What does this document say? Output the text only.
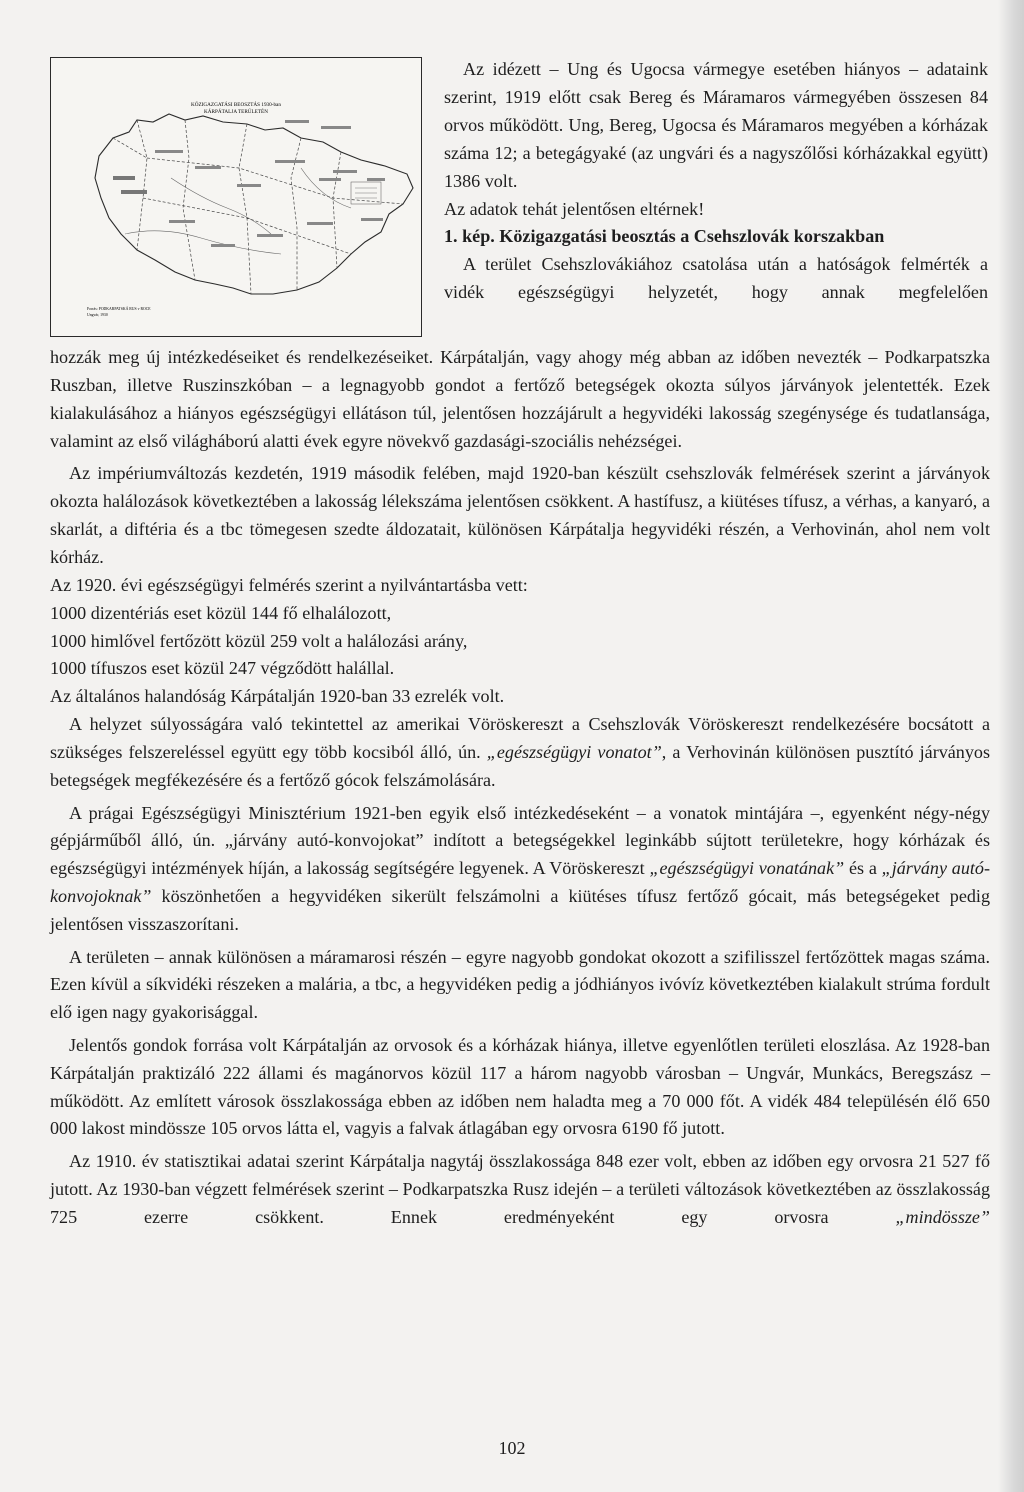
KÖZIGAZGATÁSI BEOSZTÁS 1930-ban
KÁRPÁTALJA TERÜLETÉN
Forrás: PODKARPATSKÁ RUS v ROCE
Ungvár, 1930

Az idézett – Ung és Ugocsa vármegye esetében hiányos – adataink szerint, 1919 előtt csak Bereg és Máramaros vármegyében összesen 84 orvos működött. Ung, Bereg, Ugocsa és Máramaros megyében a kórházak száma 12; a betegágyaké (az ungvári és a nagyszőlősi kórházakkal együtt) 1386 volt.

Az adatok tehát jelentősen eltérnek!

1. kép. Közigazgatási beosztás a Csehszlovák korszakban

A terület Csehszlovákiához csatolása után a hatóságok felmérték a vidék egészségügyi helyzetét, hogy annak megfelelően

hozzák meg új intézkedéseiket és rendelkezéseiket. Kárpátalján, vagy ahogy még abban az időben nevezték – Podkarpatszka Ruszban, illetve Ruszinszkóban – a legnagyobb gondot a fertőző betegségek okozta súlyos járványok jelentették. Ezek kialakulásához a hiányos egészségügyi ellátáson túl, jelentősen hozzájárult a hegyvidéki lakosság szegénysége és tudatlansága, valamint az első világháború alatti évek egyre növekvő gazdasági-szociális nehézségei.

Az impériumváltozás kezdetén, 1919 második felében, majd 1920-ban készült csehszlovák felmérések szerint a járványok okozta halálozások következtében a lakosság lélekszáma jelentősen csökkent. A hastífusz, a kiütéses tífusz, a vérhas, a kanyaró, a skarlát, a diftéria és a tbc tömegesen szedte áldozatait, különösen Kárpátalja hegyvidéki részén, a Verhovinán, ahol nem volt kórház.

Az 1920. évi egészségügyi felmérés szerint a nyilvántartásba vett:

1000 dizentériás eset közül 144 fő elhalálozott,

1000 himlővel fertőzött közül 259 volt a halálozási arány,

1000 tífuszos eset közül 247 végződött halállal.

Az általános halandóság Kárpátalján 1920-ban 33 ezrelék volt.

A helyzet súlyosságára való tekintettel az amerikai Vöröskereszt a Csehszlovák Vöröskereszt rendelkezésére bocsátott a szükséges felszereléssel együtt egy több kocsiból álló, ún. „egészségügyi vonatot”, a Verhovinán különösen pusztító járványos betegségek megfékezésére és a fertőző gócok felszámolására.

A prágai Egészségügyi Minisztérium 1921-ben egyik első intézkedéseként – a vonatok mintájára –, egyenként négy-négy gépjárműből álló, ún. „járvány autó-konvojokat” indított a betegségekkel leginkább sújtott területekre, hogy kórházak és egészségügyi intézmények híján, a lakosság segítségére legyenek. A Vöröskereszt „egészségügyi vonatának” és a „járvány autó-konvojoknak” köszönhetően a hegyvidéken sikerült felszámolni a kiütéses tífusz fertőző gócait, más betegségeket pedig jelentősen visszaszorítani.

A területen – annak különösen a máramarosi részén – egyre nagyobb gondokat okozott a szifilisszel fertőzöttek magas száma. Ezen kívül a síkvidéki részeken a malária, a tbc, a hegyvidéken pedig a jódhiányos ivóvíz következtében kialakult strúma fordult elő igen nagy gyakorisággal.

Jelentős gondok forrása volt Kárpátalján az orvosok és a kórházak hiánya, illetve egyenlőtlen területi eloszlása. Az 1928-ban Kárpátalján praktizáló 222 állami és magánorvos közül 117 a három nagyobb városban – Ungvár, Munkács, Beregszász – működött. Az említett városok összlakossága ebben az időben nem haladta meg a 70 000 főt. A vidék 484 településén élő 650 000 lakost mindössze 105 orvos látta el, vagyis a falvak átlagában egy orvosra 6190 fő jutott.

Az 1910. év statisztikai adatai szerint Kárpátalja nagytáj összlakossága 848 ezer volt, ebben az időben egy orvosra 21 527 fő jutott. Az 1930-ban végzett felmérések szerint – Podkarpatszka Rusz idején – a területi változások következtében az összlakosság 725 ezerre csökkent. Ennek eredményeként egy orvosra „mindössze”

102
